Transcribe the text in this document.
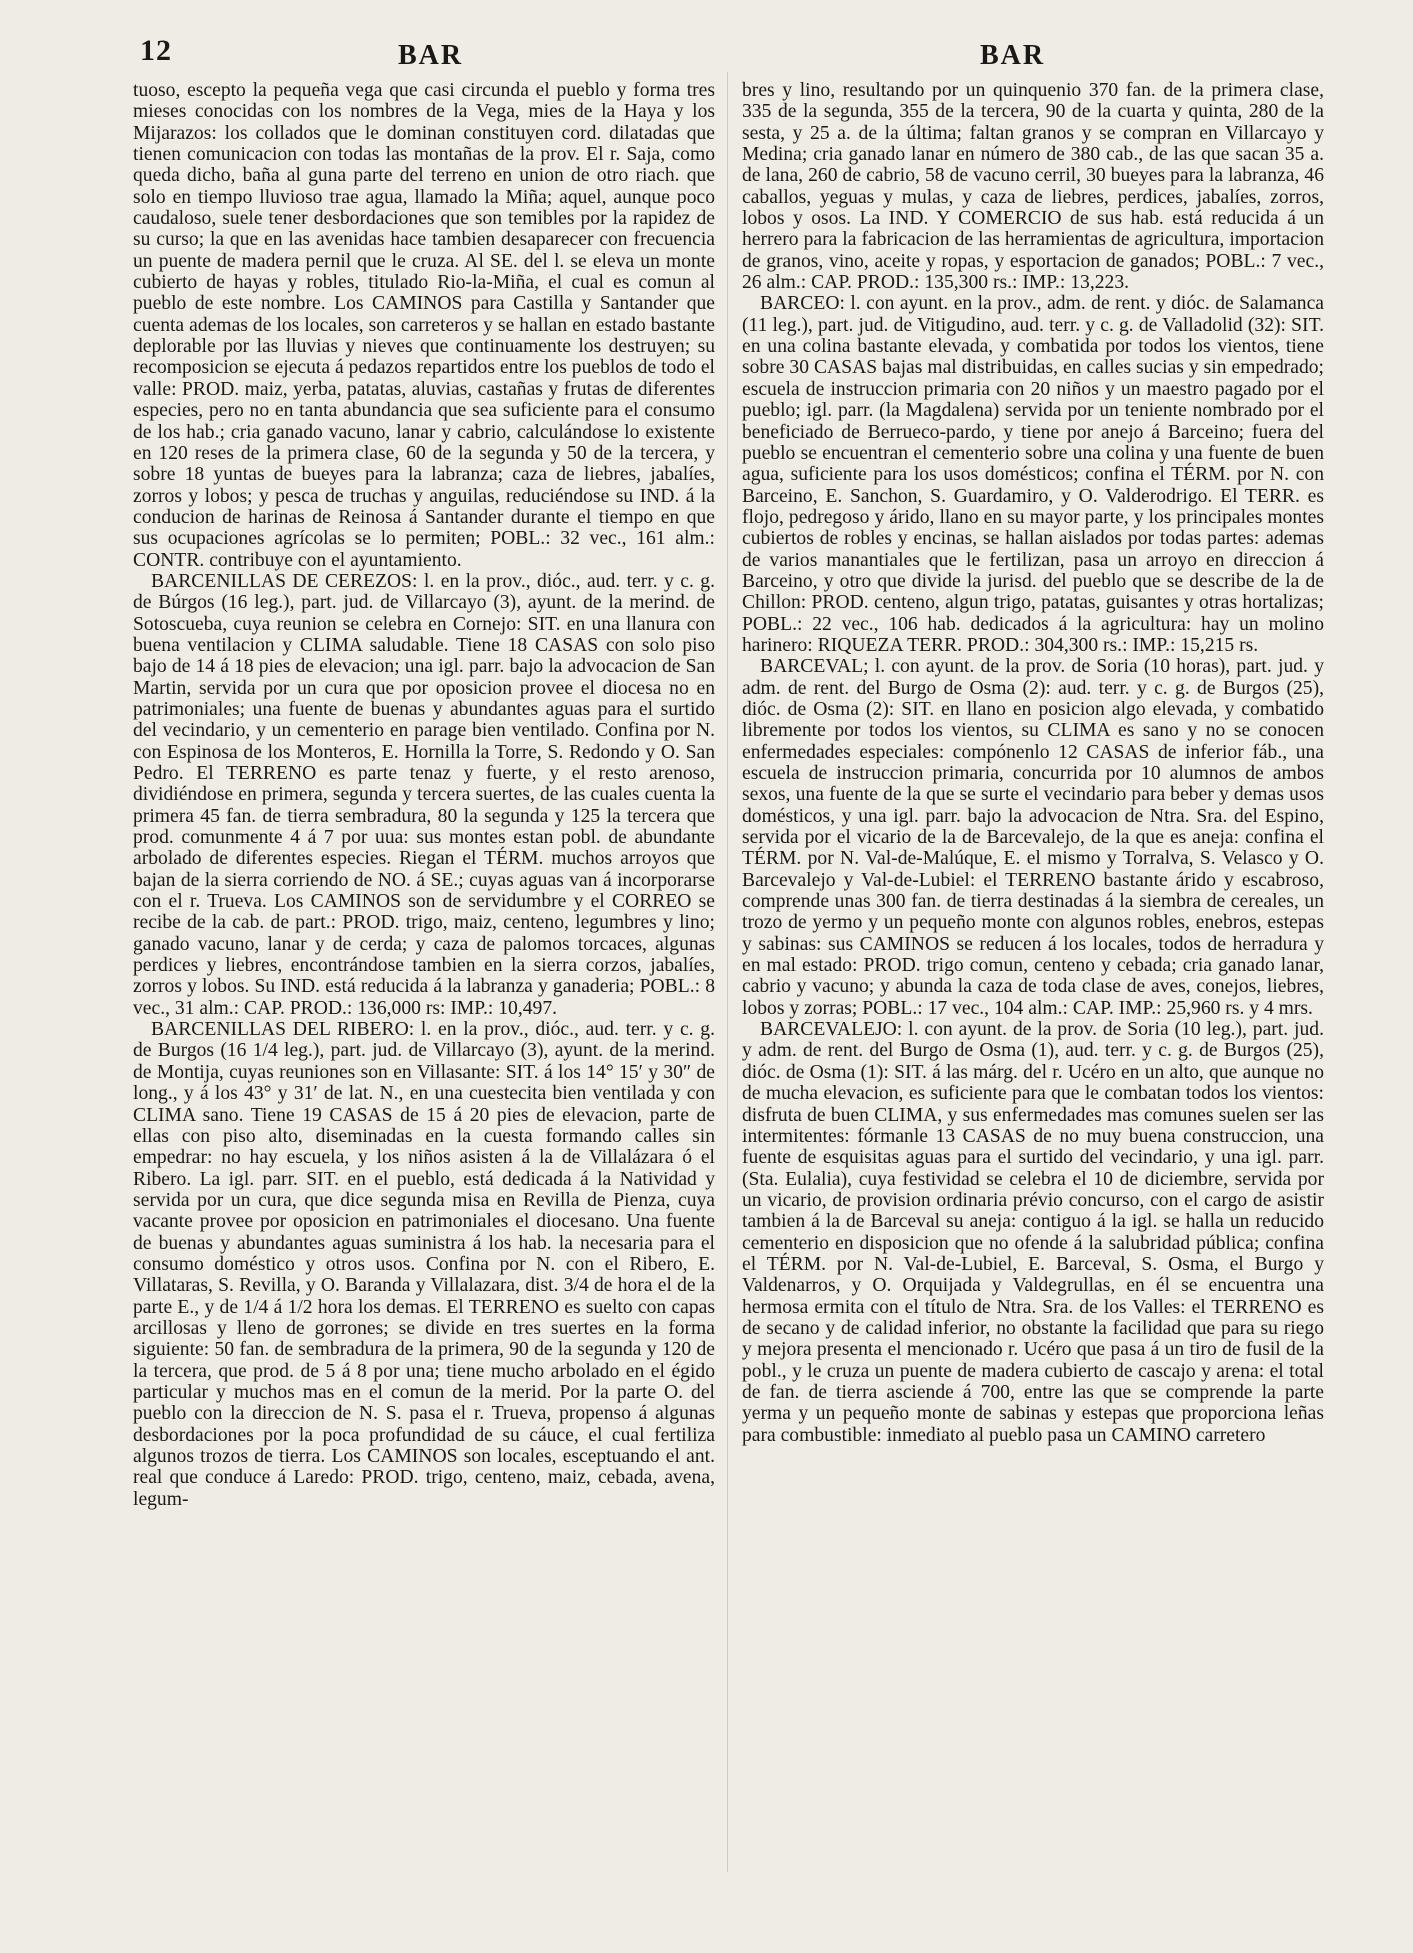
12	BAR	BAR

tuoso, escepto la pequeña vega que casi circunda el pueblo y forma tres mieses conocidas con los nombres de la Vega, mies de la Haya y los Mijarazos: los collados que le dominan constituyen cord. dilatadas que tienen comunicacion con todas las montañas de la prov. El r. Saja, como queda dicho, baña al guna parte del terreno en union de otro riach. que solo en tiempo lluvioso trae agua, llamado la Miña; aquel, aunque poco caudaloso, suele tener desbordaciones que son temibles por la rapidez de su curso; la que en las avenidas hace tambien desaparecer con frecuencia un puente de madera pernil que le cruza. Al SE. del l. se eleva un monte cubierto de hayas y robles, titulado Rio-la-Miña, el cual es comun al pueblo de este nombre. Los CAMINOS para Castilla y Santander que cuenta ademas de los locales, son carreteros y se hallan en estado bastante deplorable por las lluvias y nieves que continuamente los destruyen; su recomposicion se ejecuta á pedazos repartidos entre los pueblos de todo el valle: PROD. maiz, yerba, patatas, aluvias, castañas y frutas de diferentes especies, pero no en tanta abundancia que sea suficiente para el consumo de los hab.; cria ganado vacuno, lanar y cabrio, calculándose lo existente en 120 reses de la primera clase, 60 de la segunda y 50 de la tercera, y sobre 18 yuntas de bueyes para la labranza; caza de liebres, jabalíes, zorros y lobos; y pesca de truchas y anguilas, reduciéndose su IND. á la conducion de harinas de Reinosa á Santander durante el tiempo en que sus ocupaciones agrícolas se lo permiten; POBL.: 32 vec., 161 alm.: CONTR. contribuye con el ayuntamiento.

BARCENILLAS DE CEREZOS: l. en la prov., dióc., aud. terr. y c. g. de Búrgos (16 leg.), part. jud. de Villarcayo (3), ayunt. de la merind. de Sotoscueba, cuya reunion se celebra en Cornejo: SIT. en una llanura con buena ventilacion y CLIMA saludable. Tiene 18 CASAS con solo piso bajo de 14 á 18 pies de elevacion; una igl. parr. bajo la advocacion de San Martin, servida por un cura que por oposicion provee el diocesa no en patrimoniales; una fuente de buenas y abundantes aguas para el surtido del vecindario, y un cementerio en parage bien ventilado. Confina por N. con Espinosa de los Monteros, E. Hornilla la Torre, S. Redondo y O. San Pedro. El TERRENO es parte tenaz y fuerte, y el resto arenoso, dividiéndose en primera, segunda y tercera suertes, de las cuales cuenta la primera 45 fan. de tierra sembradura, 80 la segunda y 125 la tercera que prod. comunmente 4 á 7 por uua: sus montes estan pobl. de abundante arbolado de diferentes especies. Riegan el TÉRM. muchos arroyos que bajan de la sierra corriendo de NO. á SE.; cuyas aguas van á incorporarse con el r. Trueva. Los CAMINOS son de servidumbre y el CORREO se recibe de la cab. de part.: PROD. trigo, maiz, centeno, legumbres y lino; ganado vacuno, lanar y de cerda; y caza de palomos torcaces, algunas perdices y liebres, encontrándose tambien en la sierra corzos, jabalíes, zorros y lobos. Su IND. está reducida á la labranza y ganaderia; POBL.: 8 vec., 31 alm.: CAP. PROD.: 136,000 rs: IMP.: 10,497.

BARCENILLAS DEL RIBERO: l. en la prov., dióc., aud. terr. y c. g. de Burgos (16 1/4 leg.), part. jud. de Villarcayo (3), ayunt. de la merind. de Montija, cuyas reuniones son en Villasante: SIT. á los 14° 15′ y 30″ de long., y á los 43° y 31′ de lat. N., en una cuestecita bien ventilada y con CLIMA sano. Tiene 19 CASAS de 15 á 20 pies de elevacion, parte de ellas con piso alto, diseminadas en la cuesta formando calles sin empedrar: no hay escuela, y los niños asisten á la de Villalázara ó el Ribero. La igl. parr. SIT. en el pueblo, está dedicada á la Natividad y servida por un cura, que dice segunda misa en Revilla de Pienza, cuya vacante provee por oposicion en patrimoniales el diocesano. Una fuente de buenas y abundantes aguas suministra á los hab. la necesaria para el consumo doméstico y otros usos. Confina por N. con el Ribero, E. Villataras, S. Revilla, y O. Baranda y Villalazara, dist. 3/4 de hora el de la parte E., y de 1/4 á 1/2 hora los demas. El TERRENO es suelto con capas arcillosas y lleno de gorrones; se divide en tres suertes en la forma siguiente: 50 fan. de sembradura de la primera, 90 de la segunda y 120 de la tercera, que prod. de 5 á 8 por una; tiene mucho arbolado en el égido particular y muchos mas en el comun de la merid. Por la parte O. del pueblo con la direccion de N. S. pasa el r. Trueva, propenso á algunas desbordaciones por la poca profundidad de su cáuce, el cual fertiliza algunos trozos de tierra. Los CAMINOS son locales, esceptuando el ant. real que conduce á Laredo: PROD. trigo, centeno, maiz, cebada, avena, legum-

bres y lino, resultando por un quinquenio 370 fan. de la primera clase, 335 de la segunda, 355 de la tercera, 90 de la cuarta y quinta, 280 de la sesta, y 25 a. de la última; faltan granos y se compran en Villarcayo y Medina; cria ganado lanar en número de 380 cab., de las que sacan 35 a. de lana, 260 de cabrio, 58 de vacuno cerril, 30 bueyes para la labranza, 46 caballos, yeguas y mulas, y caza de liebres, perdices, jabalíes, zorros, lobos y osos. La IND. Y COMERCIO de sus hab. está reducida á un herrero para la fabricacion de las herramientas de agricultura, importacion de granos, vino, aceite y ropas, y esportacion de ganados; POBL.: 7 vec., 26 alm.: CAP. PROD.: 135,300 rs.: IMP.: 13,223.

BARCEO: l. con ayunt. en la prov., adm. de rent. y dióc. de Salamanca (11 leg.), part. jud. de Vitigudino, aud. terr. y c. g. de Valladolid (32): SIT. en una colina bastante elevada, y combatida por todos los vientos, tiene sobre 30 CASAS bajas mal distribuidas, en calles sucias y sin empedrado; escuela de instruccion primaria con 20 niños y un maestro pagado por el pueblo; igl. parr. (la Magdalena) servida por un teniente nombrado por el beneficiado de Berrueco-pardo, y tiene por anejo á Barceino; fuera del pueblo se encuentran el cementerio sobre una colina y una fuente de buen agua, suficiente para los usos domésticos; confina el TÉRM. por N. con Barceino, E. Sanchon, S. Guardamiro, y O. Valderodrigo. El TERR. es flojo, pedregoso y árido, llano en su mayor parte, y los principales montes cubiertos de robles y encinas, se hallan aislados por todas partes: ademas de varios manantiales que le fertilizan, pasa un arroyo en direccion á Barceino, y otro que divide la jurisd. del pueblo que se describe de la de Chillon: PROD. centeno, algun trigo, patatas, guisantes y otras hortalizas; POBL.: 22 vec., 106 hab. dedicados á la agricultura: hay un molino harinero: RIQUEZA TERR. PROD.: 304,300 rs.: IMP.: 15,215 rs.

BARCEVAL; l. con ayunt. de la prov. de Soria (10 horas), part. jud. y adm. de rent. del Burgo de Osma (2): aud. terr. y c. g. de Burgos (25), dióc. de Osma (2): SIT. en llano en posicion algo elevada, y combatido libremente por todos los vientos, su CLIMA es sano y no se conocen enfermedades especiales: compónenlo 12 CASAS de inferior fáb., una escuela de instruccion primaria, concurrida por 10 alumnos de ambos sexos, una fuente de la que se surte el vecindario para beber y demas usos domésticos, y una igl. parr. bajo la advocacion de Ntra. Sra. del Espino, servida por el vicario de la de Barcevalejo, de la que es aneja: confina el TÉRM. por N. Val-de-Malúque, E. el mismo y Torralva, S. Velasco y O. Barcevalejo y Val-de-Lubiel: el TERRENO bastante árido y escabroso, comprende unas 300 fan. de tierra destinadas á la siembra de cereales, un trozo de yermo y un pequeño monte con algunos robles, enebros, estepas y sabinas: sus CAMINOS se reducen á los locales, todos de herradura y en mal estado: PROD. trigo comun, centeno y cebada; cria ganado lanar, cabrio y vacuno; y abunda la caza de toda clase de aves, conejos, liebres, lobos y zorras; POBL.: 17 vec., 104 alm.: CAP. IMP.: 25,960 rs. y 4 mrs.

BARCEVALEJO: l. con ayunt. de la prov. de Soria (10 leg.), part. jud. y adm. de rent. del Burgo de Osma (1), aud. terr. y c. g. de Burgos (25), dióc. de Osma (1): SIT. á las márg. del r. Ucéro en un alto, que aunque no de mucha elevacion, es suficiente para que le combatan todos los vientos: disfruta de buen CLIMA, y sus enfermedades mas comunes suelen ser las intermitentes: fórmanle 13 CASAS de no muy buena construccion, una fuente de esquisitas aguas para el surtido del vecindario, y una igl. parr. (Sta. Eulalia), cuya festividad se celebra el 10 de diciembre, servida por un vicario, de provision ordinaria prévio concurso, con el cargo de asistir tambien á la de Barceval su aneja: contiguo á la igl. se halla un reducido cementerio en disposicion que no ofende á la salubridad pública; confina el TÉRM. por N. Val-de-Lubiel, E. Barceval, S. Osma, el Burgo y Valdenarros, y O. Orquijada y Valdegrullas, en él se encuentra una hermosa ermita con el título de Ntra. Sra. de los Valles: el TERRENO es de secano y de calidad inferior, no obstante la facilidad que para su riego y mejora presenta el mencionado r. Ucéro que pasa á un tiro de fusil de la pobl., y le cruza un puente de madera cubierto de cascajo y arena: el total de fan. de tierra asciende á 700, entre las que se comprende la parte yerma y un pequeño monte de sabinas y estepas que proporciona leñas para combustible: inmediato al pueblo pasa un CAMINO carretero
